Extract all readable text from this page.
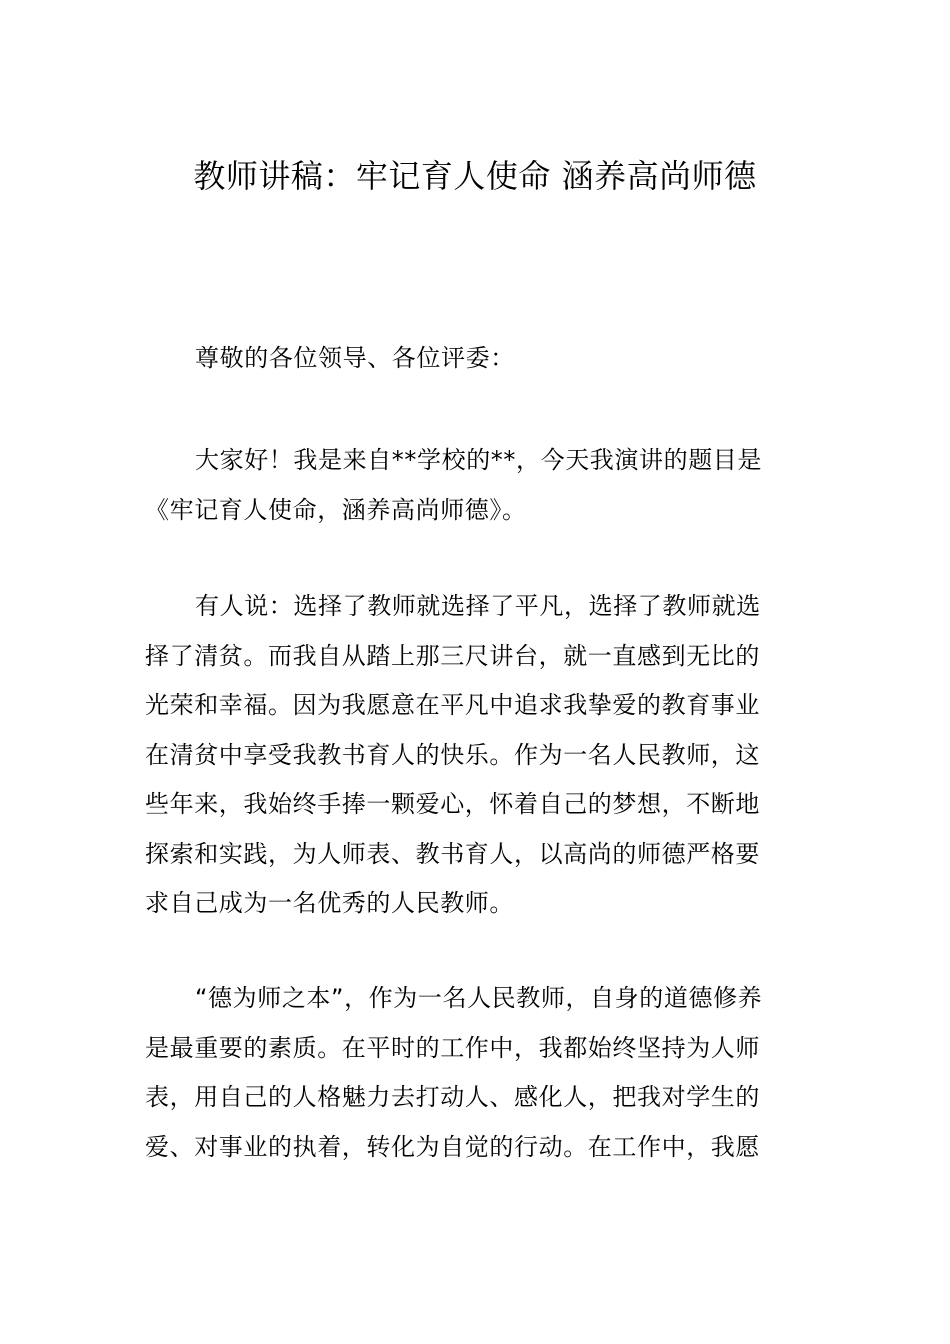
教师讲稿：牢记育人使命 涵养高尚师德
尊敬的各位领导、各位评委：
大家好！我是来自**学校的**，今天我演讲的题目是
《牢记育人使命，涵养高尚师德》。
有人说：选择了教师就选择了平凡，选择了教师就选
择了清贫。而我自从踏上那三尺讲台，就一直感到无比的
光荣和幸福。因为我愿意在平凡中追求我挚爱的教育事业
在清贫中享受我教书育人的快乐。作为一名人民教师，这
些年来，我始终手捧一颗爱心，怀着自己的梦想，不断地
探索和实践，为人师表、教书育人，以高尚的师德严格要
求自己成为一名优秀的人民教师。
“德为师之本”，作为一名人民教师，自身的道德修养
是最重要的素质。在平时的工作中，我都始终坚持为人师
表，用自己的人格魅力去打动人、感化人，把我对学生的
爱、对事业的执着，转化为自觉的行动。在工作中，我愿
